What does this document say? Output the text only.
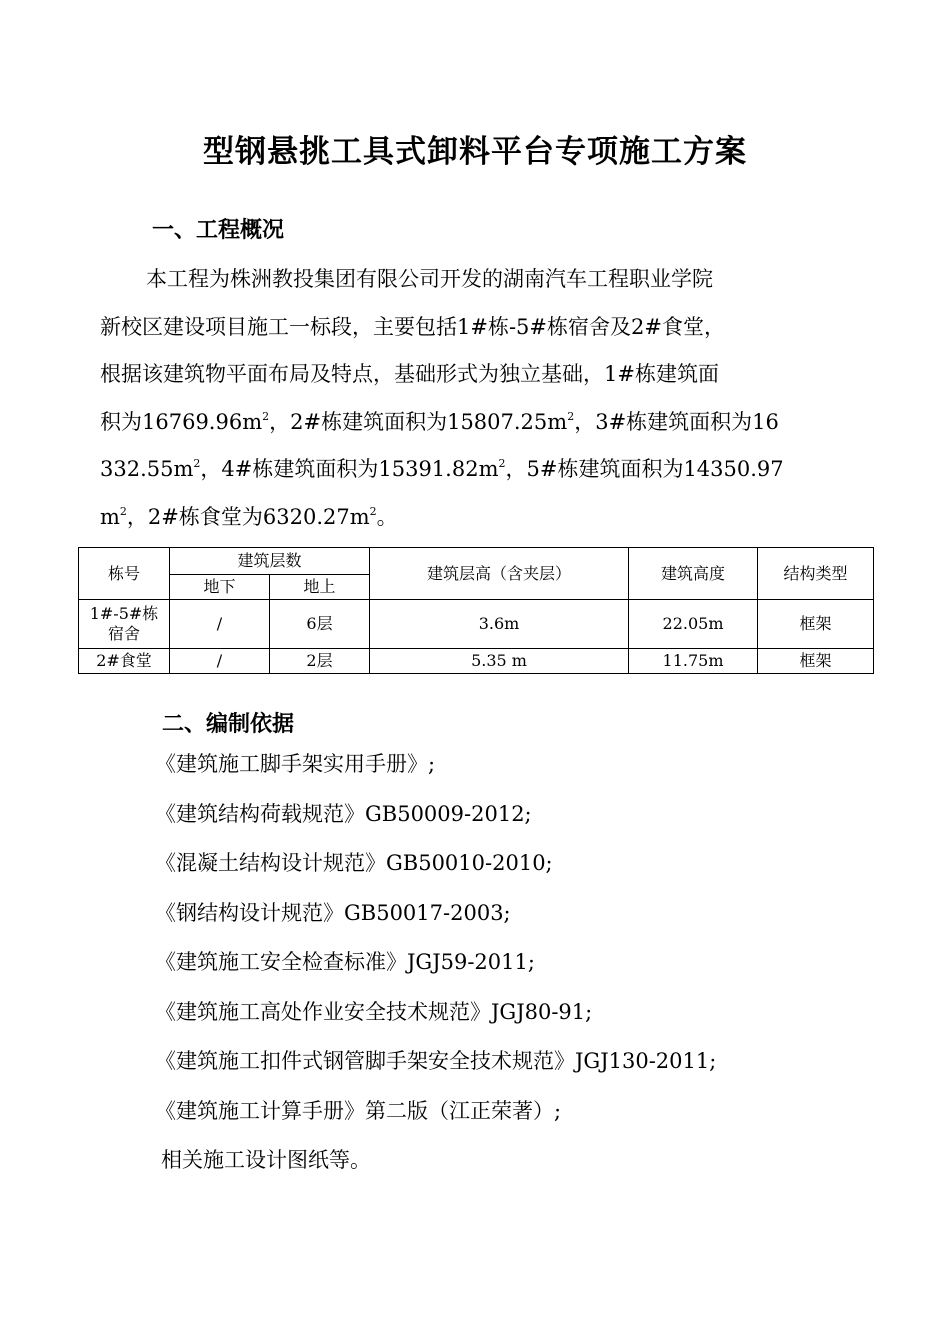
型钢悬挑工具式卸料平台专项施工方案
一、工程概况
本工程为株洲教投集团有限公司开发的湖南汽车工程职业学院
新校区建设项目施工一标段，主要包括1#栋-5#栋宿舍及2#食堂，
根据该建筑物平面布局及特点，基础形式为独立基础，1#栋建筑面
积为$16769.96m^2$，2#栋建筑面积为$15807.25m^2$，3#栋建筑面积为16
$332.55m^2$，4#栋建筑面积为$15391.82m^2$，5#栋建筑面积为14350.97
$m^2$，2#栋食堂为$6320.27m^2$。
栋号	建筑层数		建筑层高（含夹层）	建筑高度	结构类型
	地下	地上			
1#-5#栋宿舍	/	6层	3.6m	22.05m	框架
2#食堂	/	2层	5.35 m	11.75m	框架
二、编制依据
《建筑施工脚手架实用手册》;
《建筑结构荷载规范》GB50009-2012;
《混凝土结构设计规范》GB50010-2010;
《钢结构设计规范》GB50017-2003;
《建筑施工安全检查标准》JGJ59-2011;
《建筑施工高处作业安全技术规范》JGJ80-91;
《建筑施工扣件式钢管脚手架安全技术规范》JGJ130-2011;
《建筑施工计算手册》第二版（江正荣著）;
相关施工设计图纸等。
